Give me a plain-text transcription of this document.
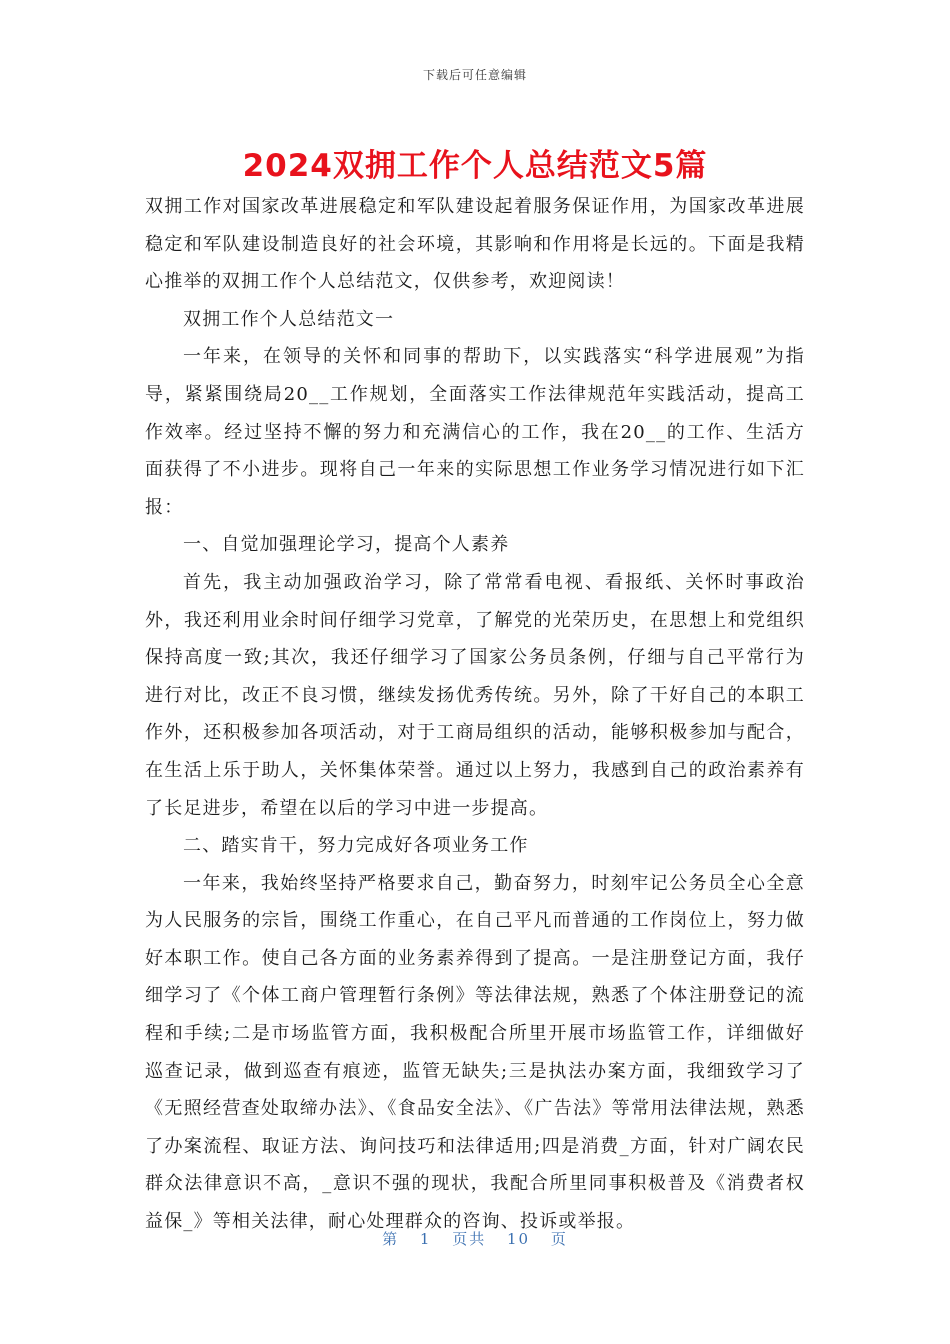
下载后可任意编辑
2024双拥工作个人总结范文5篇

双拥工作对国家改革进展稳定和军队建设起着服务保证作用，为国家改革进展稳定和军队建设制造良好的社会环境，其影响和作用将是长远的。下面是我精心推举的双拥工作个人总结范文，仅供参考，欢迎阅读！

双拥工作个人总结范文一

一年来，在领导的关怀和同事的帮助下，以实践落实“科学进展观”为指导，紧紧围绕局20__工作规划，全面落实工作法律规范年实践活动，提高工作效率。经过坚持不懈的努力和充满信心的工作，我在20__的工作、生活方面获得了不小进步。现将自己一年来的实际思想工作业务学习情况进行如下汇报：

一、自觉加强理论学习，提高个人素养

首先，我主动加强政治学习，除了常常看电视、看报纸、关怀时事政治外，我还利用业余时间仔细学习党章，了解党的光荣历史，在思想上和党组织保持高度一致;其次，我还仔细学习了国家公务员条例，仔细与自己平常行为进行对比，改正不良习惯，继续发扬优秀传统。另外，除了干好自己的本职工作外，还积极参加各项活动，对于工商局组织的活动，能够积极参加与配合，在生活上乐于助人，关怀集体荣誉。通过以上努力，我感到自己的政治素养有了长足进步，希望在以后的学习中进一步提高。

二、踏实肯干，努力完成好各项业务工作

一年来，我始终坚持严格要求自己，勤奋努力，时刻牢记公务员全心全意为人民服务的宗旨，围绕工作重心，在自己平凡而普通的工作岗位上，努力做好本职工作。使自己各方面的业务素养得到了提高。一是注册登记方面，我仔细学习了《个体工商户管理暂行条例》等法律法规，熟悉了个体注册登记的流程和手续;二是市场监管方面，我积极配合所里开展市场监管工作，详细做好巡查记录，做到巡查有痕迹，监管无缺失;三是执法办案方面，我细致学习了《无照经营查处取缔办法》、《食品安全法》、《广告法》等常用法律法规，熟悉了办案流程、取证方法、询问技巧和法律适用;四是消费_方面，针对广阔农民群众法律意识不高，_意识不强的现状，我配合所里同事积极普及《消费者权益保_》等相关法律，耐心处理群众的咨询、投诉或举报。

第 1 页共 10 页
